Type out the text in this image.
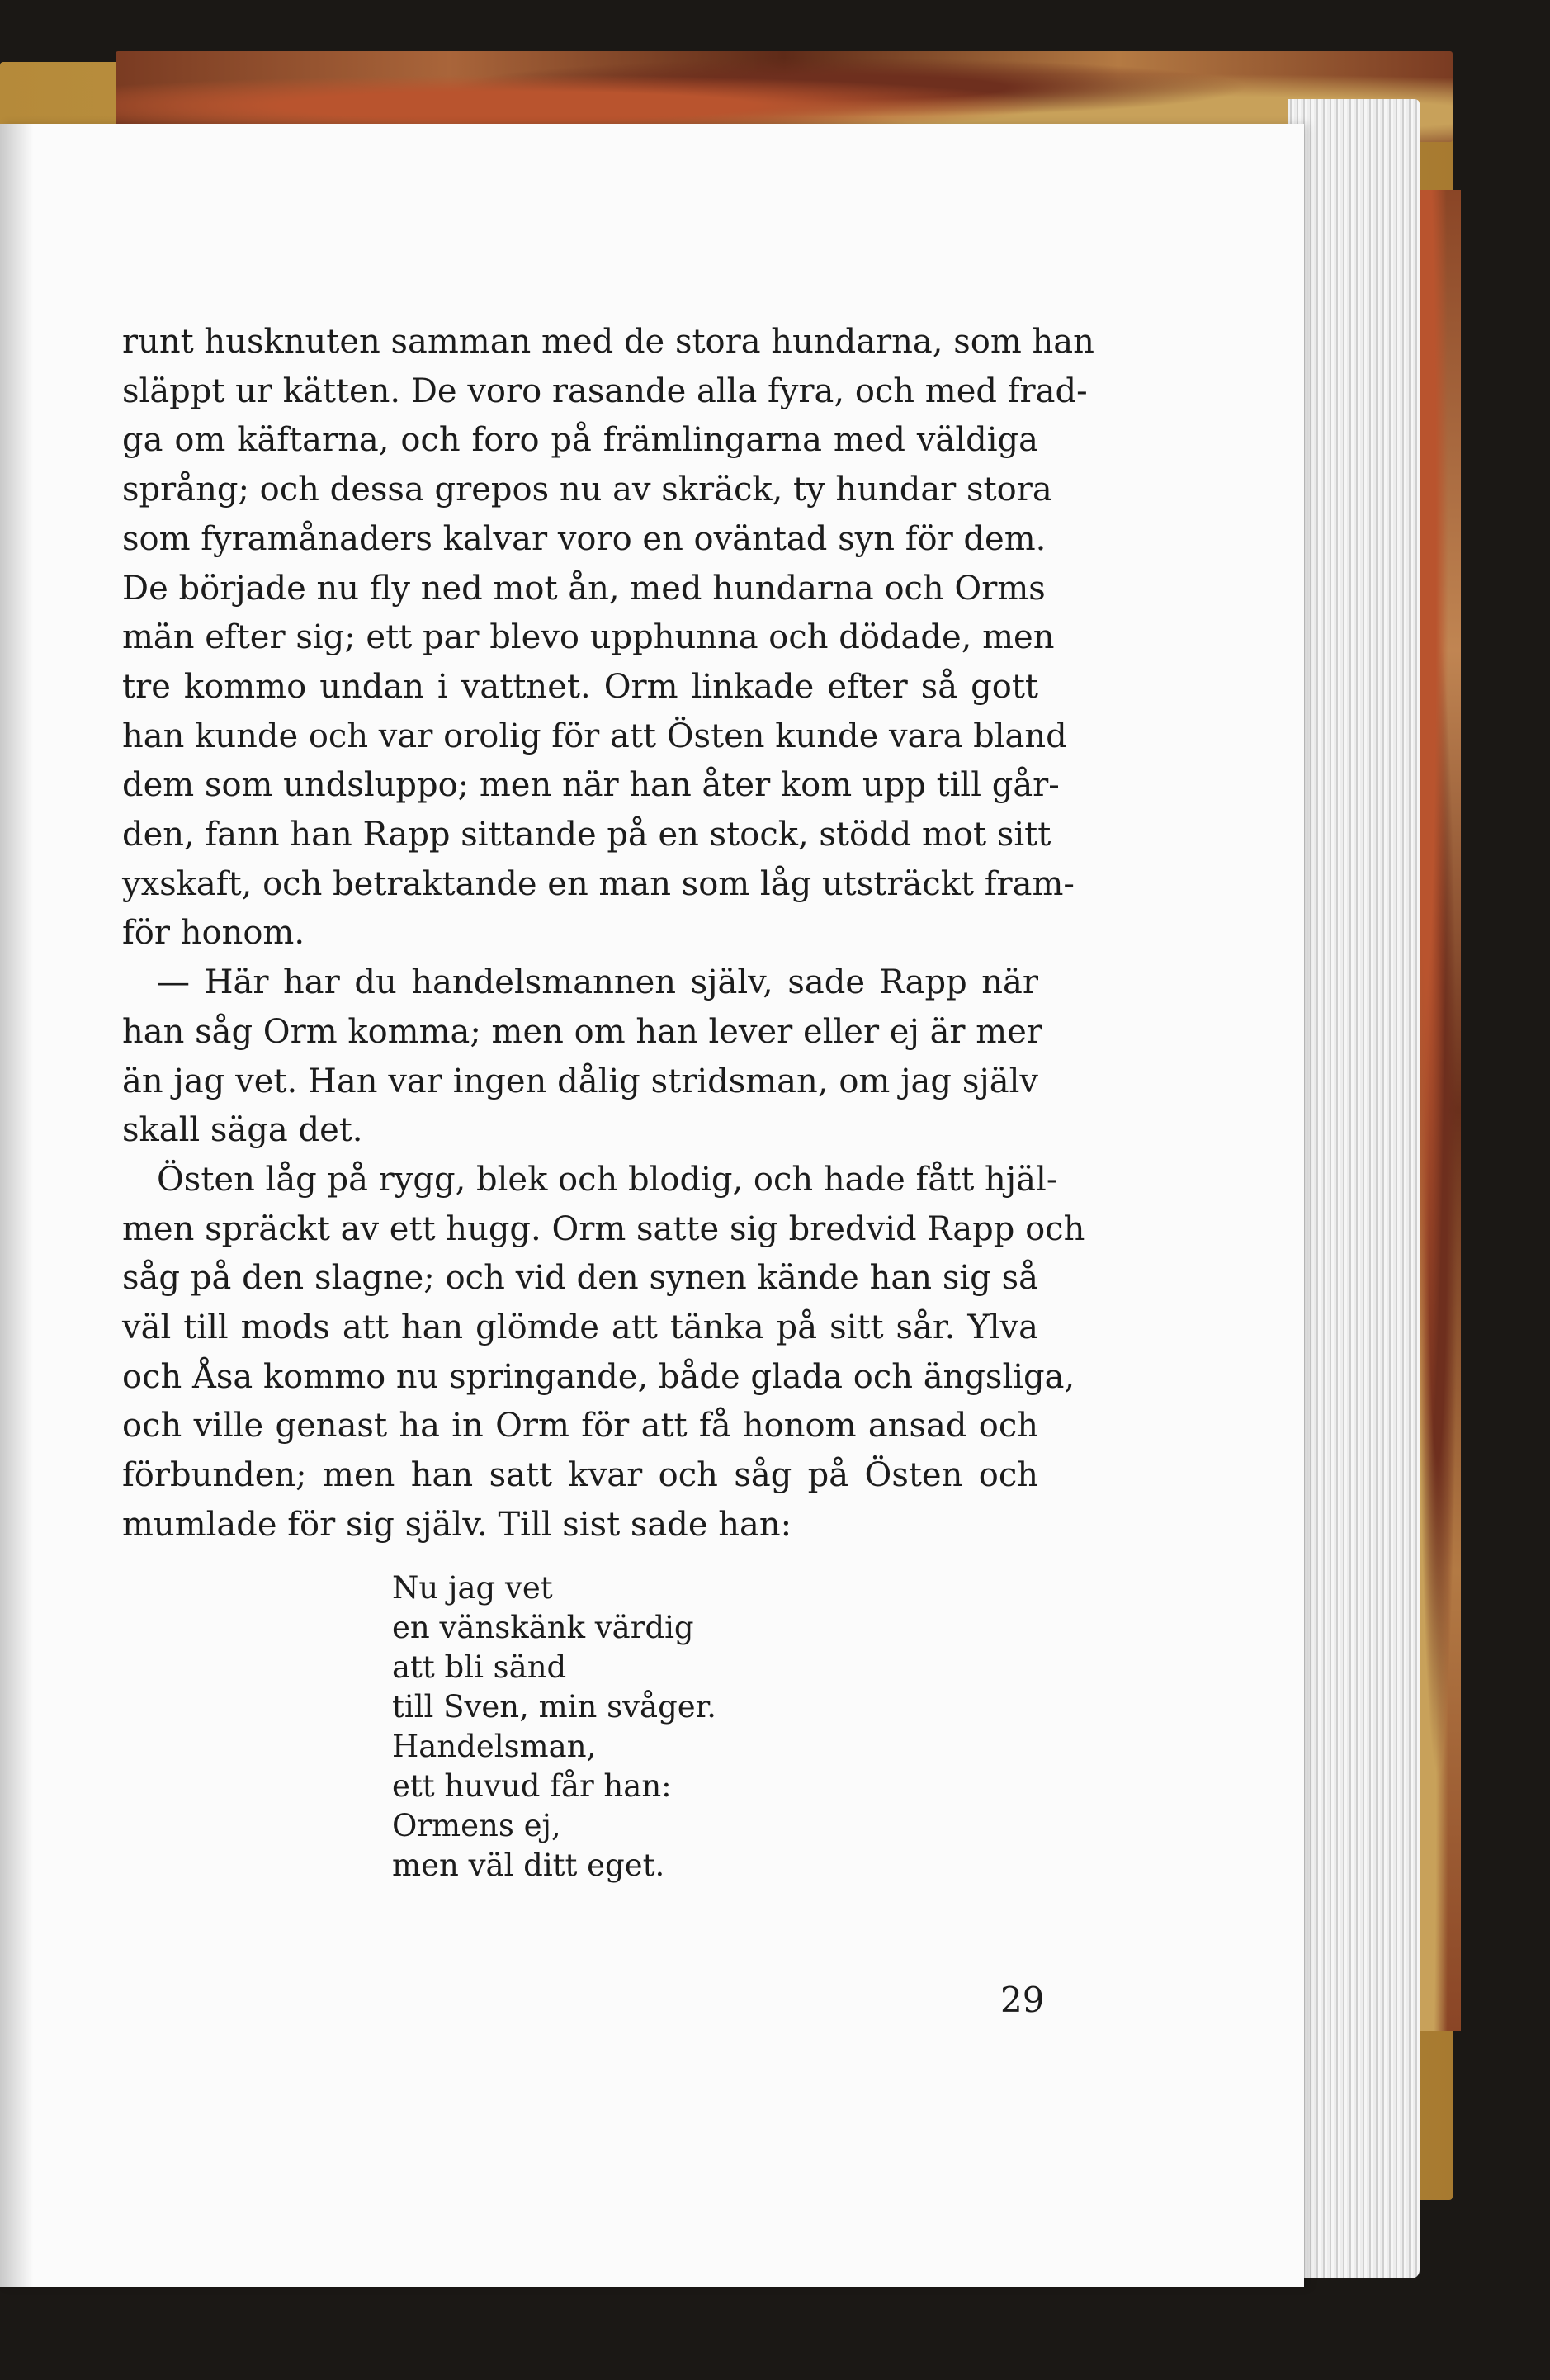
runt husknuten samman med de stora hundarna, som han
släppt ur kätten. De voro rasande alla fyra, och med frad-
ga om käftarna, och foro på främlingarna med väldiga
språng; och dessa grepos nu av skräck, ty hundar stora
som fyramånaders kalvar voro en oväntad syn för dem.
De började nu fly ned mot ån, med hundarna och Orms
män efter sig; ett par blevo upphunna och dödade, men
tre kommo undan i vattnet. Orm linkade efter så gott
han kunde och var orolig för att Östen kunde vara bland
dem som undsluppo; men när han åter kom upp till går-
den, fann han Rapp sittande på en stock, stödd mot sitt
yxskaft, och betraktande en man som låg utsträckt fram-
för honom.

— Här har du handelsmannen själv, sade Rapp när
han såg Orm komma; men om han lever eller ej är mer
än jag vet. Han var ingen dålig stridsman, om jag själv
skall säga det.

Östen låg på rygg, blek och blodig, och hade fått hjäl-
men spräckt av ett hugg. Orm satte sig bredvid Rapp och
såg på den slagne; och vid den synen kände han sig så
väl till mods att han glömde att tänka på sitt sår. Ylva
och Åsa kommo nu springande, både glada och ängsliga,
och ville genast ha in Orm för att få honom ansad och
förbunden; men han satt kvar och såg på Östen och
mumlade för sig själv. Till sist sade han:

Nu jag vet
en vänskänk värdig
att bli sänd
till Sven, min svåger.
Handelsman,
ett huvud får han:
Ormens ej,
men väl ditt eget.
29
